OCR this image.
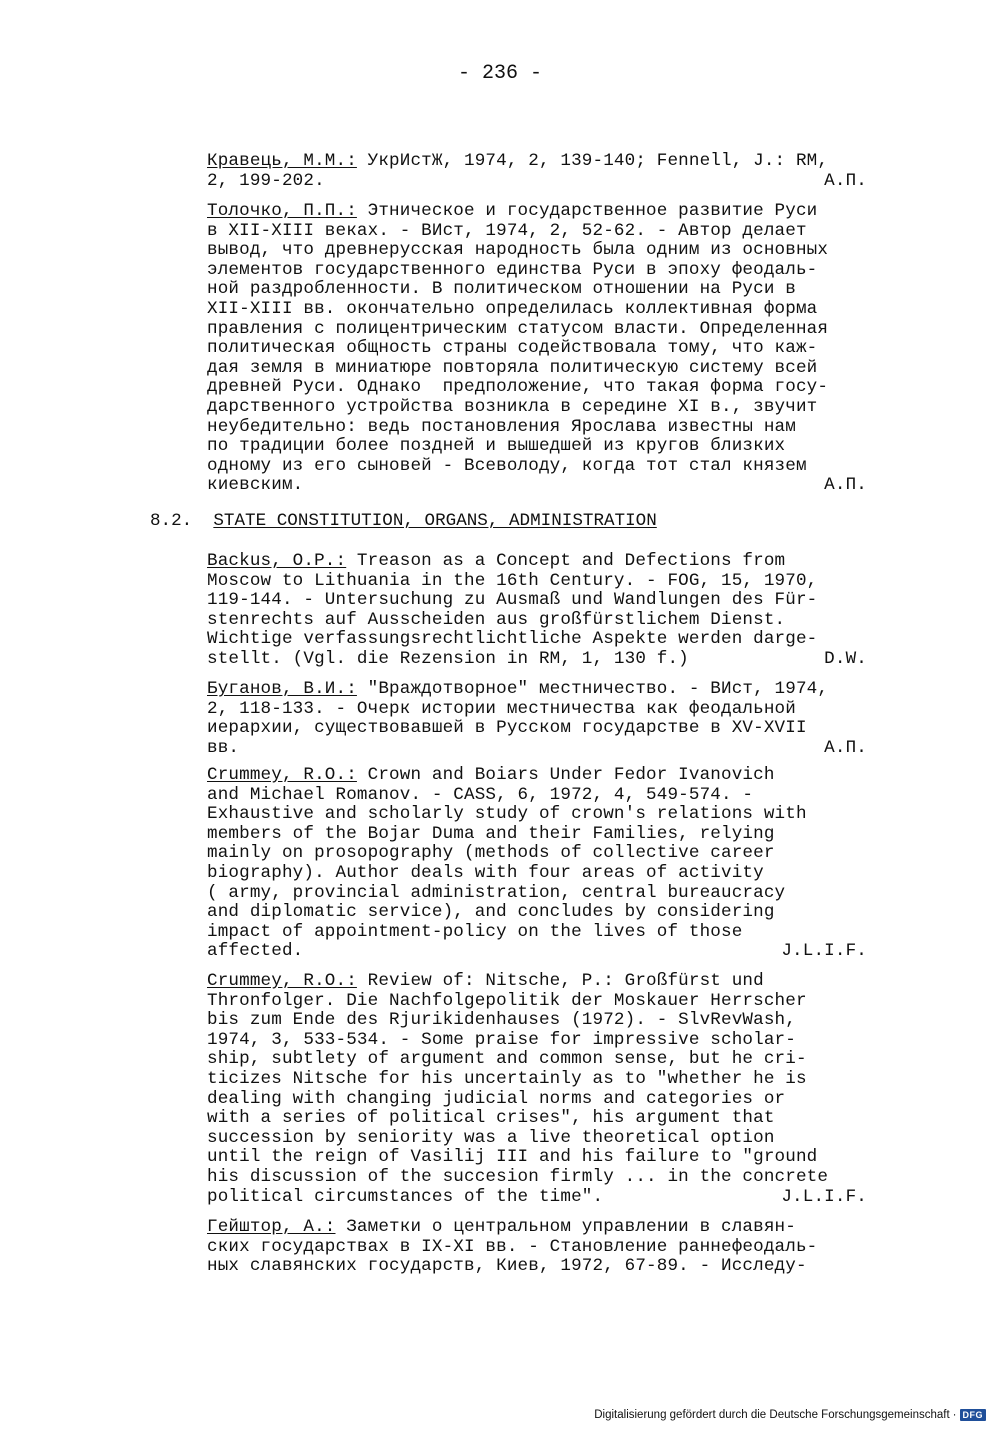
- 236 -
8.2. STATE CONSTITUTION, ORGANS, ADMINISTRATION
Кравець, М.М.: УкрИстЖ, 1974, 2, 139-140; Fennell, J.: RM,
2, 199-202.	А.П.
Толочко, П.П.: Этническое и государственное развитие Руси
в XII-XIII веках. - ВИст, 1974, 2, 52-62. - Автор делает
вывод, что древнерусская народность была одним из основных
элементов государственного единства Руси в эпоху феодаль-
ной раздробленности. В политическом отношении на Руси в
XII-XIII вв. окончательно определилась коллективная форма
правления с полицентрическим статусом власти. Определенная
политическая общность страны содействовала тому, что каж-
дая земля в миниатюре повторяла политическую систему всей
древней Руси. Однако  предположение, что такая форма госу-
дарственного устройства возникла в середине XI в., звучит
неубедительно: ведь постановления Ярослава известны нам
по традиции более поздней и вышедшей из кругов близких
одному из его сыновей - Всеволоду, когда тот стал князем
киевским.	А.П.
Backus, O.P.: Treason as a Concept and Defections from
Moscow to Lithuania in the 16th Century. - FOG, 15, 1970,
119-144. - Untersuchung zu Ausmaß und Wandlungen des Für-
stenrechts auf Ausscheiden aus großfürstlichem Dienst.
Wichtige verfassungsrechtlichtliche Aspekte werden darge-
stellt. (Vgl. die Rezension in RM, 1, 130 f.)	D.W.
Буганов, В.И.: "Враждотворное" местничество. - ВИст, 1974,
2, 118-133. - Очерк истории местничества как феодальной
иерархии, существовавшей в Русском государстве в XV-XVII
вв.	А.П.
Crummey, R.O.: Crown and Boiars Under Fedor Ivanovich
and Michael Romanov. - CASS, 6, 1972, 4, 549-574. -
Exhaustive and scholarly study of crown's relations with
members of the Bojar Duma and their Families, relying
mainly on prosopography (methods of collective career
biography). Author deals with four areas of activity
( army, provincial administration, central bureaucracy
and diplomatic service), and concludes by considering
impact of appointment-policy on the lives of those
affected.	J.L.I.F.
Crummey, R.O.: Review of: Nitsche, P.: Großfürst und
Thronfolger. Die Nachfolgepolitik der Moskauer Herrscher
bis zum Ende des Rjurikidenhauses (1972). - SlvRevWash,
1974, 3, 533-534. - Some praise for impressive scholar-
ship, subtlety of argument and common sense, but he cri-
ticizes Nitsche for his uncertainly as to "whether he is
dealing with changing judicial norms and categories or
with a series of political crises", his argument that
succession by seniority was a live theoretical option
until the reign of Vasilij III and his failure to "ground
his discussion of the succesion firmly ... in the concrete
political circumstances of the time".	J.L.I.F.
Гейштор, А.: Заметки о центральном управлении в славян-
ских государствах в IX-XI вв. - Становление раннефеодаль-
ных славянских государств, Киев, 1972, 67-89. - Исследу-
Digitalisierung gefördert durch die Deutsche Forschungsgemeinschaft · DFG
